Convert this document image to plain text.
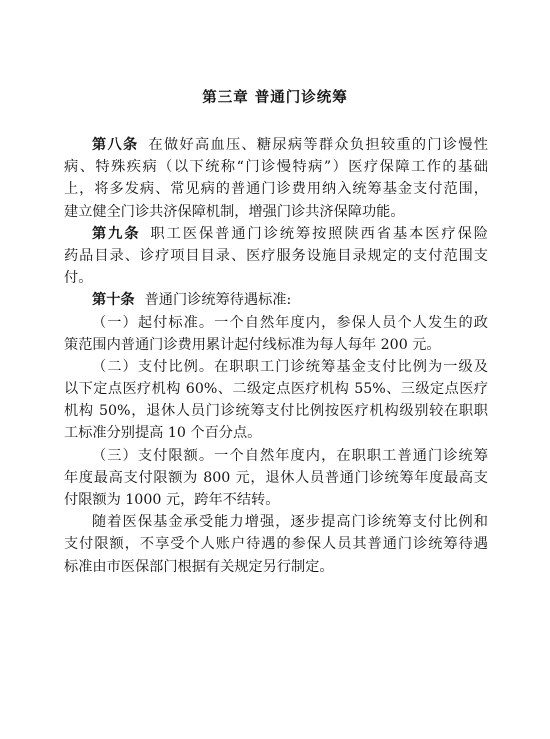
第三章 普通门诊统筹
第八条 在做好高血压、糖尿病等群众负担较重的门诊慢性
病、特殊疾病（以下统称“门诊慢特病”）医疗保障工作的基础
上，将多发病、常见病的普通门诊费用纳入统筹基金支付范围，
建立健全门诊共济保障机制，增强门诊共济保障功能。
第九条 职工医保普通门诊统筹按照陕西省基本医疗保险
药品目录、诊疗项目目录、医疗服务设施目录规定的支付范围支
付。
第十条 普通门诊统筹待遇标准:
（一）起付标准。一个自然年度内，参保人员个人发生的政
策范围内普通门诊费用累计起付线标准为每人每年 200 元。
（二）支付比例。在职职工门诊统筹基金支付比例为一级及
以下定点医疗机构 60%、二级定点医疗机构 55%、三级定点医疗
机构 50%，退休人员门诊统筹支付比例按医疗机构级别较在职职
工标准分别提高 10 个百分点。
（三）支付限额。一个自然年度内，在职职工普通门诊统筹
年度最高支付限额为 800 元，退休人员普通门诊统筹年度最高支
付限额为 1000 元，跨年不结转。
随着医保基金承受能力增强，逐步提高门诊统筹支付比例和
支付限额，不享受个人账户待遇的参保人员其普通门诊统筹待遇
标准由市医保部门根据有关规定另行制定。
